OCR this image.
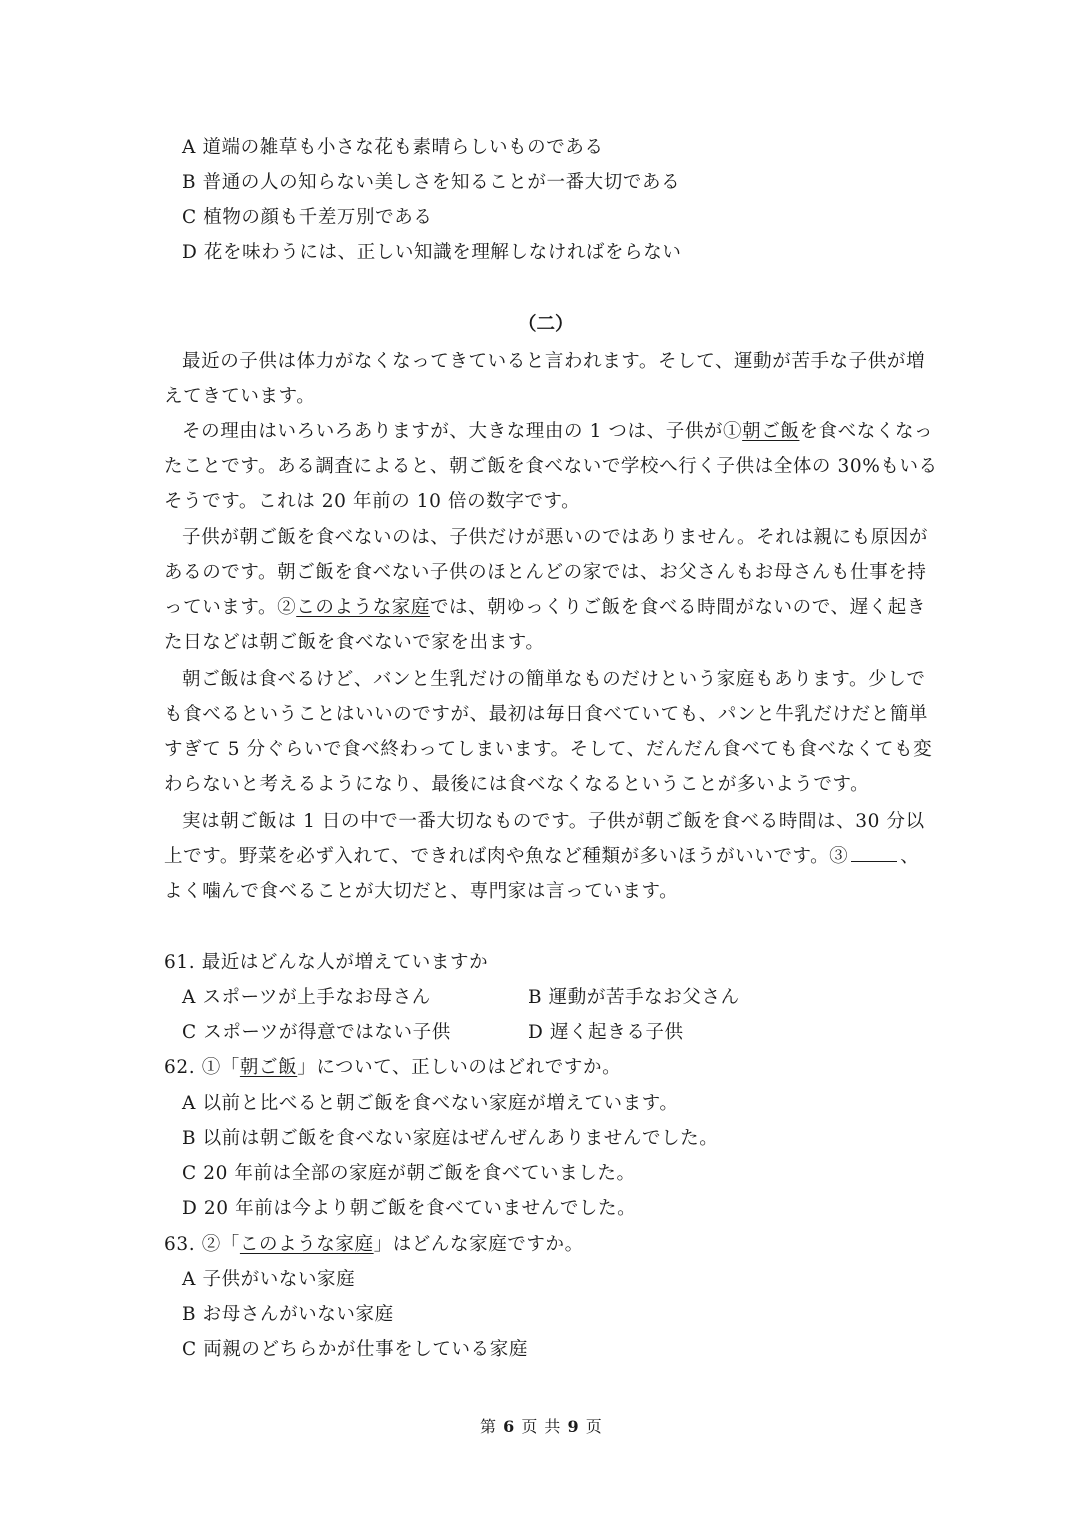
A 道端の雑草も小さな花も素晴らしいものである
B 普通の人の知らない美しさを知ることが一番大切である
C 植物の顔も千差万別である
D 花を味わうには、正しい知識を理解しなければをらない
（二）
最近の子供は体力がなくなってきていると言われます。そして、運動が苦手な子供が増
えてきています。
その理由はいろいろありますが、大きな理由の 1 つは、子供が①朝ご飯を食べなくなっ
たことです。ある調査によると、朝ご飯を食べないで学校へ行く子供は全体の 30%もいる
そうです。これは 20 年前の 10 倍の数字です。
子供が朝ご飯を食べないのは、子供だけが悪いのではありません。それは親にも原因が
あるのです。朝ご飯を食べない子供のほとんどの家では、お父さんもお母さんも仕事を持
っています。②このような家庭では、朝ゆっくりご飯を食べる時間がないので、遅く起き
た日などは朝ご飯を食べないで家を出ます。
朝ご飯は食べるけど、バンと生乳だけの簡単なものだけという家庭もあります。少しで
も食べるということはいいのですが、最初は毎日食べていても、パンと牛乳だけだと簡単
すぎて 5 分ぐらいで食べ終わってしまいます。そして、だんだん食べても食べなくても変
わらないと考えるようになり、最後には食べなくなるということが多いようです。
実は朝ご飯は 1 日の中で一番大切なものです。子供が朝ご飯を食べる時間は、30 分以
上です。野菜を必ず入れて、できれば肉や魚など種類が多いほうがいいです。③	、
よく噛んで食べることが大切だと、専門家は言っています。
61. 最近はどんな人が増えていますか
A スポーツが上手なお母さん	B 運動が苦手なお父さん
C スポーツが得意ではない子供	D 遅く起きる子供
62. ①「朝ご飯」について、正しいのはどれですか。
A 以前と比べると朝ご飯を食べない家庭が増えています。
B 以前は朝ご飯を食べない家庭はぜんぜんありませんでした。
C 20 年前は全部の家庭が朝ご飯を食べていました。
D 20 年前は今より朝ご飯を食べていませんでした。
63. ②「このような家庭」はどんな家庭ですか。
A 子供がいない家庭
B お母さんがいない家庭
C 両親のどちらかが仕事をしている家庭
第 6 页 共 9 页
